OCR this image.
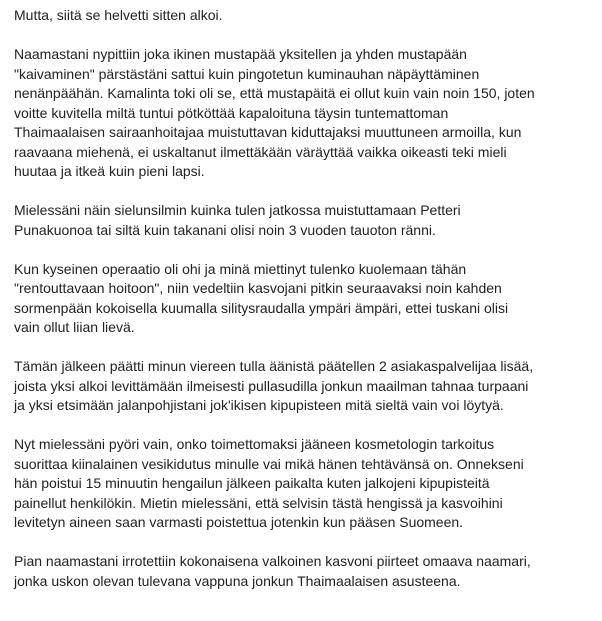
Mutta, siitä se helvetti sitten alkoi.

Naamastani nypittiin joka ikinen mustapää yksitellen ja yhden mustapään
"kaivaminen" pärstästäni sattui kuin pingotetun kuminauhan näpäyttäminen
nenänpäähän. Kamalinta toki oli se, että mustapäitä ei ollut kuin vain noin 150, joten
voitte kuvitella miltä tuntui pötköttää kapaloituna täysin tuntemattoman
Thaimaalaisen sairaanhoitajaa muistuttavan kiduttajaksi muuttuneen armoilla, kun
raavaana miehenä, ei uskaltanut ilmettäkään väräyttää vaikka oikeasti teki mieli
huutaa ja itkeä kuin pieni lapsi.

Mielessäni näin sielunsilmin kuinka tulen jatkossa muistuttamaan Petteri
Punakuonoa tai siltä kuin takanani olisi noin 3 vuoden tauoton ränni.

Kun kyseinen operaatio oli ohi ja minä miettinyt tulenko kuolemaan tähän
"rentouttavaan hoitoon", niin vedeltiin kasvojani pitkin seuraavaksi noin kahden
sormenpään kokoisella kuumalla silitysraudalla ympäri ämpäri, ettei tuskani olisi
vain ollut liian lievä.

Tämän jälkeen päätti minun viereen tulla äänistä päätellen 2 asiakaspalvelijaa lisää,
joista yksi alkoi levittämään ilmeisesti pullasudilla jonkun maailman tahnaa turpaani
ja yksi etsimään jalanpohjistani jok'ikisen kipupisteen mitä sieltä vain voi löytyä.

Nyt mielessäni pyöri vain, onko toimettomaksi jääneen kosmetologin tarkoitus
suorittaa kiinalainen vesikidutus minulle vai mikä hänen tehtävänsä on. Onnekseni
hän poistui 15 minuutin hengailun jälkeen paikalta kuten jalkojeni kipupisteitä
painellut henkilökin. Mietin mielessäni, että selvisin tästä hengissä ja kasvoihini
levitetyn aineen saan varmasti poistettua jotenkin kun pääsen Suomeen.

Pian naamastani irrotettiin kokonaisena valkoinen kasvoni piirteet omaava naamari,
jonka uskon olevan tulevana vappuna jonkun Thaimaalaisen asusteena.
